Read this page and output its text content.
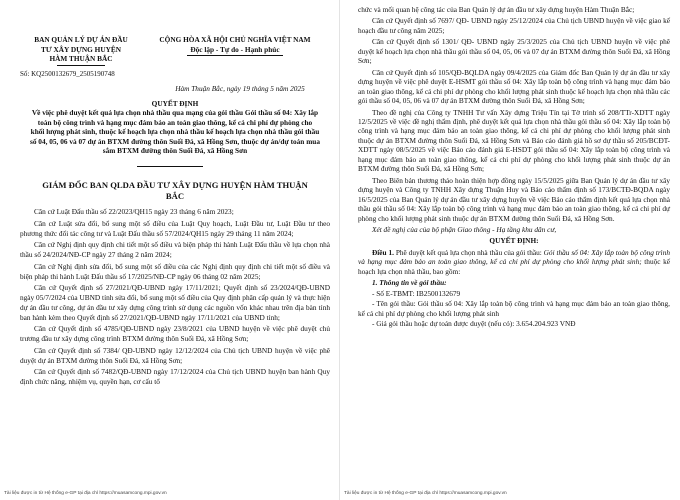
BAN QUẢN LÝ DỰ ÁN ĐẦU
TƯ XÂY DỰNG HUYỆN
HÀM THUẬN BẮC
Số: KQ2500132679_2505190748
CỘNG HÒA XÃ HỘI CHỦ NGHĨA VIỆT NAM
Độc lập - Tự do - Hạnh phúc
Hàm Thuận Bắc, ngày 19 tháng 5 năm 2025
QUYẾT ĐỊNH
Về việc phê duyệt kết quả lựa chọn nhà thầu qua mạng của gói thầu Gói thầu số 04: Xây lắp toàn bộ công trình và hạng mục đảm bảo an toàn giao thông, kể cả chi phí dự phòng cho khối lượng phát sinh, thuộc kế hoạch lựa chọn nhà thầu kế hoạch lựa chọn nhà thầu gói thầu số 04, 05, 06 và 07 dự án BTXM đường thôn Suối Đá, xã Hồng Sơn, thuộc dự án/dự toán mua sắm BTXM đường thôn Suối Đá, xã Hồng Sơn
GIÁM ĐỐC BAN QLDA ĐẦU TƯ XÂY DỰNG HUYỆN HÀM THUẬN BẮC

Căn cứ Luật Đấu thầu số 22/2023/QH15 ngày 23 tháng 6 năm 2023;

Căn cứ Luật sửa đổi, bổ sung một số điều của Luật Quy hoạch, Luật Đầu tư, Luật Đầu tư theo phương thức đối tác công tư và Luật Đấu thầu số 57/2024/QH15 ngày 29 tháng 11 năm 2024;

Căn cứ Nghị định quy định chi tiết một số điều và biện pháp thi hành Luật Đấu thầu về lựa chọn nhà thầu số 24/2024/NĐ-CP ngày 27 tháng 2 năm 2024;

Căn cứ Nghị định sửa đổi, bổ sung một số điều của các Nghị định quy định chi tiết một số điều và biện pháp thi hành Luật Đấu thầu số 17/2025/NĐ-CP ngày 06 tháng 02 năm 2025;

Căn cứ Quyết định số 27/2021/QĐ-UBND ngày 17/11/2021; Quyết định số 23/2024/QĐ-UBND ngày 05/7/2024 của UBND tỉnh sửa đổi, bổ sung một số điều của Quy định phân cấp quản lý và thực hiện dự án đầu tư công, dự án đầu tư xây dựng công trình sử dụng các nguồn vốn khác nhau trên địa bàn tỉnh ban hành kèm theo Quyết định số 27/2021/QĐ-UBND ngày 17/11/2021 của UBND tỉnh;

Căn cứ Quyết định số 4785/QĐ-UBND ngày 23/8/2021 của UBND huyện về việc phê duyệt chủ trương đầu tư xây dựng công trình BTXM đường thôn Suối Đá, xã Hồng Sơn;

Căn cứ Quyết định số 7384/ QĐ-UBND ngày 12/12/2024 của Chủ tịch UBND huyện về việc phê duyệt dự án BTXM đường thôn Suối Đá, xã Hồng Sơn;

Căn cứ Quyết định số 7482/QĐ-UBND ngày 17/12/2024 của Chủ tịch UBND huyện ban hành Quy định chức năng, nhiệm vụ, quyền hạn, cơ cấu tổ

Tài liệu được in từ Hệ thống e-GP tại địa chỉ https://muasamcong.mpi.gov.vn

chức và mối quan hệ công tác của Ban Quản lý dự án đầu tư xây dựng huyện Hàm Thuận Bắc;

Căn cứ Quyết định số 7697/ QĐ- UBND ngày 25/12/2024 của Chủ tịch UBND huyện về việc giao kế hoạch đầu tư công năm 2025;

Căn cứ Quyết định số 1301/ QĐ- UBND ngày 25/3/2025 của Chủ tịch UBND huyện về việc phê duyệt kế hoạch lựa chọn nhà thầu gói thầu số 04, 05, 06 và 07 dự án BTXM đường thôn Suối Đá, xã Hồng Sơn;

Căn cứ Quyết định số 105/QĐ-BQLDA ngày 09/4/2025 của Giám đốc Ban Quản lý dự án đầu tư xây dựng huyện về việc phê duyệt E-HSMT gói thầu số 04: Xây lắp toàn bộ công trình và hạng mục đảm bảo an toàn giao thông, kể cả chi phí dự phòng cho khối lượng phát sinh thuộc kế hoạch lựa chọn nhà thầu các gói thầu số 04, 05, 06 và 07 dự án BTXM đường thôn Suối Đá, xã Hồng Sơn;

Theo đề nghị của Công ty TNHH Tư vấn Xây dựng Triệu Tín tại Tờ trình số 208/TTr-XDTT ngày 12/5/2025 về việc đề nghị thẩm định, phê duyệt kết quả lựa chọn nhà thầu gói thầu số 04: Xây lắp toàn bộ công trình và hạng mục đảm bảo an toàn giao thông, kể cả chi phí dự phòng cho khối lượng phát sinh thuộc dự án BTXM đường thôn Suối Đá, xã Hồng Sơn và Báo cáo đánh giá hồ sơ dự thầu số 205/BCĐT-XDTT ngày 08/5/2025 về việc Báo cáo đánh giá E-HSDT gói thầu số 04: Xây lắp toàn bộ công trình và hạng mục đảm bảo an toàn giao thông, kể cả chi phí dự phòng cho khối lượng phát sinh thuộc dự án BTXM đường thôn Suối Đá, xã Hồng Sơn;

Theo Biên bản thương thảo hoàn thiện hợp đồng ngày 15/5/2025 giữa Ban Quản lý dự án đầu tư xây dựng huyện và Công ty TNHH Xây dựng Thuận Huy và Báo cáo thẩm định số 173/BCTĐ-BQDA ngày 16/5/2025 của Ban Quản lý dự án đầu tư xây dựng huyện về việc Báo cáo thẩm định kết quả lựa chọn nhà thầu gói thầu số 04: Xây lắp toàn bộ công trình và hạng mục đảm bảo an toàn giao thông, kể cả chi phí dự phòng cho khối lượng phát sinh thuộc dự án BTXM đường thôn Suối Đá, xã Hồng Sơn.

Xét đề nghị của của bộ phận Giao thông - Hạ tầng khu dân cư,

QUYẾT ĐỊNH:

Điều 1. Phê duyệt kết quả lựa chọn nhà thầu của gói thầu: Gói thầu số 04: Xây lắp toàn bộ công trình và hạng mục đảm bảo an toàn giao thông, kể cả chi phí dự phòng cho khối lượng phát sinh; thuộc kế hoạch lựa chọn nhà thầu, bao gồm:

1. Thông tin về gói thầu:

- Số E-TBMT: IB2500132679

- Tên gói thầu: Gói thầu số 04: Xây lắp toàn bộ công trình và hạng mục đảm bảo an toàn giao thông, kể cả chi phí dự phòng cho khối lượng phát sinh

- Giá gói thầu hoặc dự toán được duyệt (nếu có): 3.654.204.923 VNĐ

Tài liệu được in từ Hệ thống e-GP tại địa chỉ https://muasamcong.mpi.gov.vn
